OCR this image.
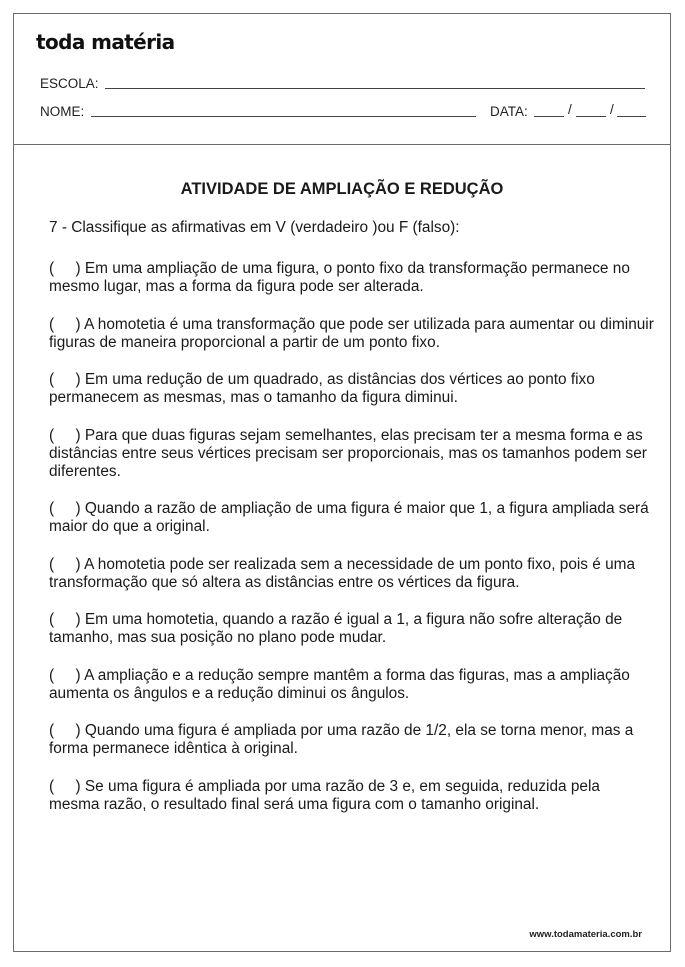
toda matéria
ESCOLA:
NOME:	DATA:	/	/
ATIVIDADE DE AMPLIAÇÃO E REDUÇÃO
7 - Classifique as afirmativas em V (verdadeiro )ou F (falso):
(     ) Em uma ampliação de uma figura, o ponto fixo da transformação permanece no mesmo lugar, mas a forma da figura pode ser alterada.
(     ) A homotetia é uma transformação que pode ser utilizada para aumentar ou diminuir figuras de maneira proporcional a partir de um ponto fixo.
(     ) Em uma redução de um quadrado, as distâncias dos vértices ao ponto fixo permanecem as mesmas, mas o tamanho da figura diminui.
(     ) Para que duas figuras sejam semelhantes, elas precisam ter a mesma forma e as distâncias entre seus vértices precisam ser proporcionais, mas os tamanhos podem ser diferentes.
(     ) Quando a razão de ampliação de uma figura é maior que 1, a figura ampliada será maior do que a original.
(     ) A homotetia pode ser realizada sem a necessidade de um ponto fixo, pois é uma transformação que só altera as distâncias entre os vértices da figura.
(     ) Em uma homotetia, quando a razão é igual a 1, a figura não sofre alteração de tamanho, mas sua posição no plano pode mudar.
(     ) A ampliação e a redução sempre mantêm a forma das figuras, mas a ampliação aumenta os ângulos e a redução diminui os ângulos.
(     ) Quando uma figura é ampliada por uma razão de 1/2, ela se torna menor, mas a forma permanece idêntica à original.
(     ) Se uma figura é ampliada por uma razão de 3 e, em seguida, reduzida pela mesma razão, o resultado final será uma figura com o tamanho original.
www.todamateria.com.br
